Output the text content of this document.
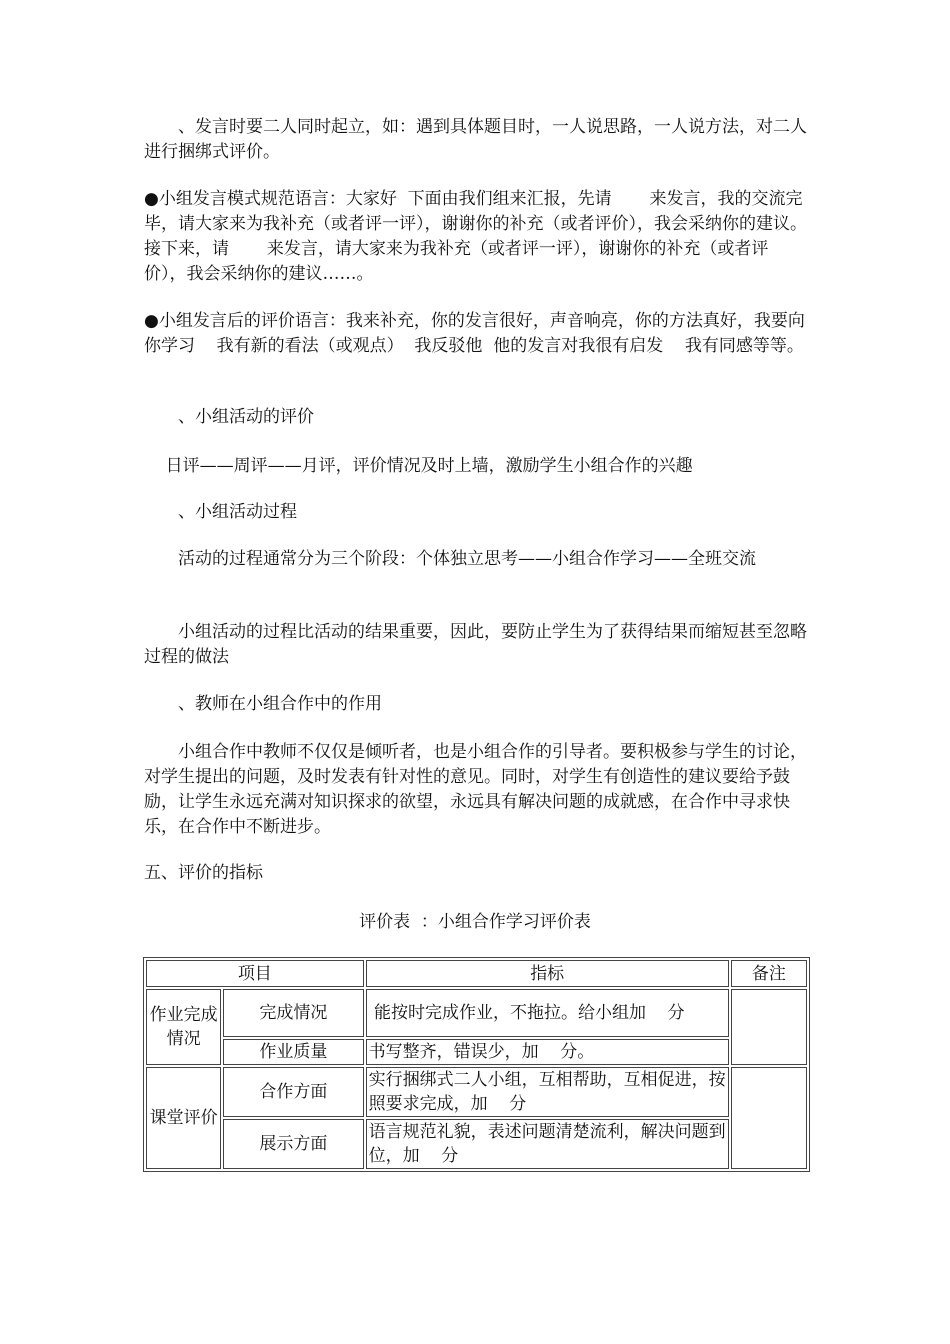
　　、发言时要二人同时起立，如：遇到具体题目时，一人说思路，一人说方法，对二人进行捆绑式评价。

●小组发言模式规范语言：大家好  下面由我们组来汇报，先请       来发言，我的交流完毕，请大家来为我补充（或者评一评），谢谢你的补充（或者评价），我会采纳你的建议。接下来，请       来发言，请大家来为我补充（或者评一评），谢谢你的补充（或者评价），我会采纳你的建议……。

●小组发言后的评价语言：我来补充，你的发言很好，声音响亮，你的方法真好，我要向你学习    我有新的看法（或观点）  我反驳他  他的发言对我很有启发    我有同感等等。

　　、小组活动的评价

日评——周评——月评，评价情况及时上墙，激励学生小组合作的兴趣

　　、小组活动过程

　　活动的过程通常分为三个阶段：个体独立思考——小组合作学习——全班交流

　　小组活动的过程比活动的结果重要，因此，要防止学生为了获得结果而缩短甚至忽略过程的做法

　　、教师在小组合作中的作用

　　小组合作中教师不仅仅是倾听者，也是小组合作的引导者。要积极参与学生的讨论，对学生提出的问题，及时发表有针对性的意见。同时，对学生有创造性的建议要给予鼓励，让学生永远充满对知识探求的欲望，永远具有解决问题的成就感，在合作中寻求快乐，在合作中不断进步。

五、评价的指标

评价表  ：小组合作学习评价表
项目		指标	备注
作业完成情况	完成情况	能按时完成作业，不拖拉。给小组加    分	
	作业质量	书写整齐，错误少，加    分。	
课堂评价	合作方面	实行捆绑式二人小组，互相帮助，互相促进，按照要求完成，加    分	
	展示方面	语言规范礼貌，表述问题清楚流利，解决问题到位，加    分	
